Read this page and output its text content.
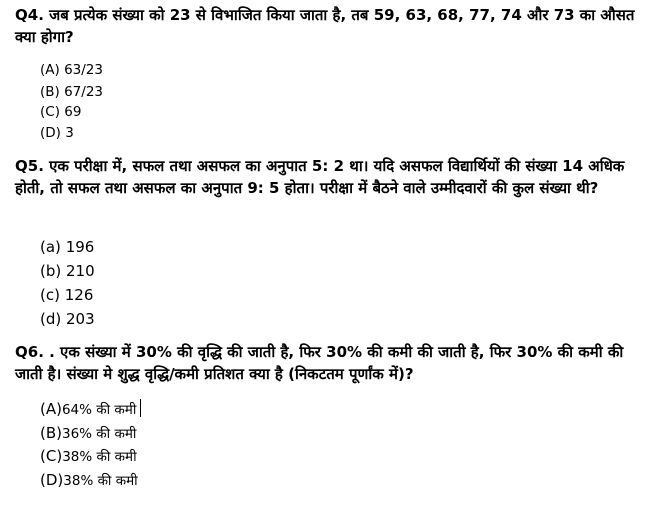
Q4. जब प्रत्येक संख्या को 23 से विभाजित किया जाता है, तब 59, 63, 68, 77, 74 और 73 का औसत क्या होगा?
(A) 63/23
(B) 67/23
(C) 69
(D) 3
Q5. एक परीक्षा में, सफल तथा असफल का अनुपात 5: 2 था। यदि असफल विद्यार्थियों की संख्या 14 अधिक होती, तो सफल तथा असफल का अनुपात 9: 5 होता। परीक्षा में बैठने वाले उम्मीदवारों की कुल संख्या थी?
(a) 196
(b) 210
(c) 126
(d) 203
Q6. . एक संख्या में 30% की वृद्धि की जाती है, फिर 30% की कमी की जाती है, फिर 30% की कमी की जाती है। संख्या मे शुद्ध वृद्धि/कमी प्रतिशत क्या है (निकटतम पूर्णांक में)?
(A)64% की कमी
(B)36% की कमी
(C)38% की कमी
(D)38% की कमी
